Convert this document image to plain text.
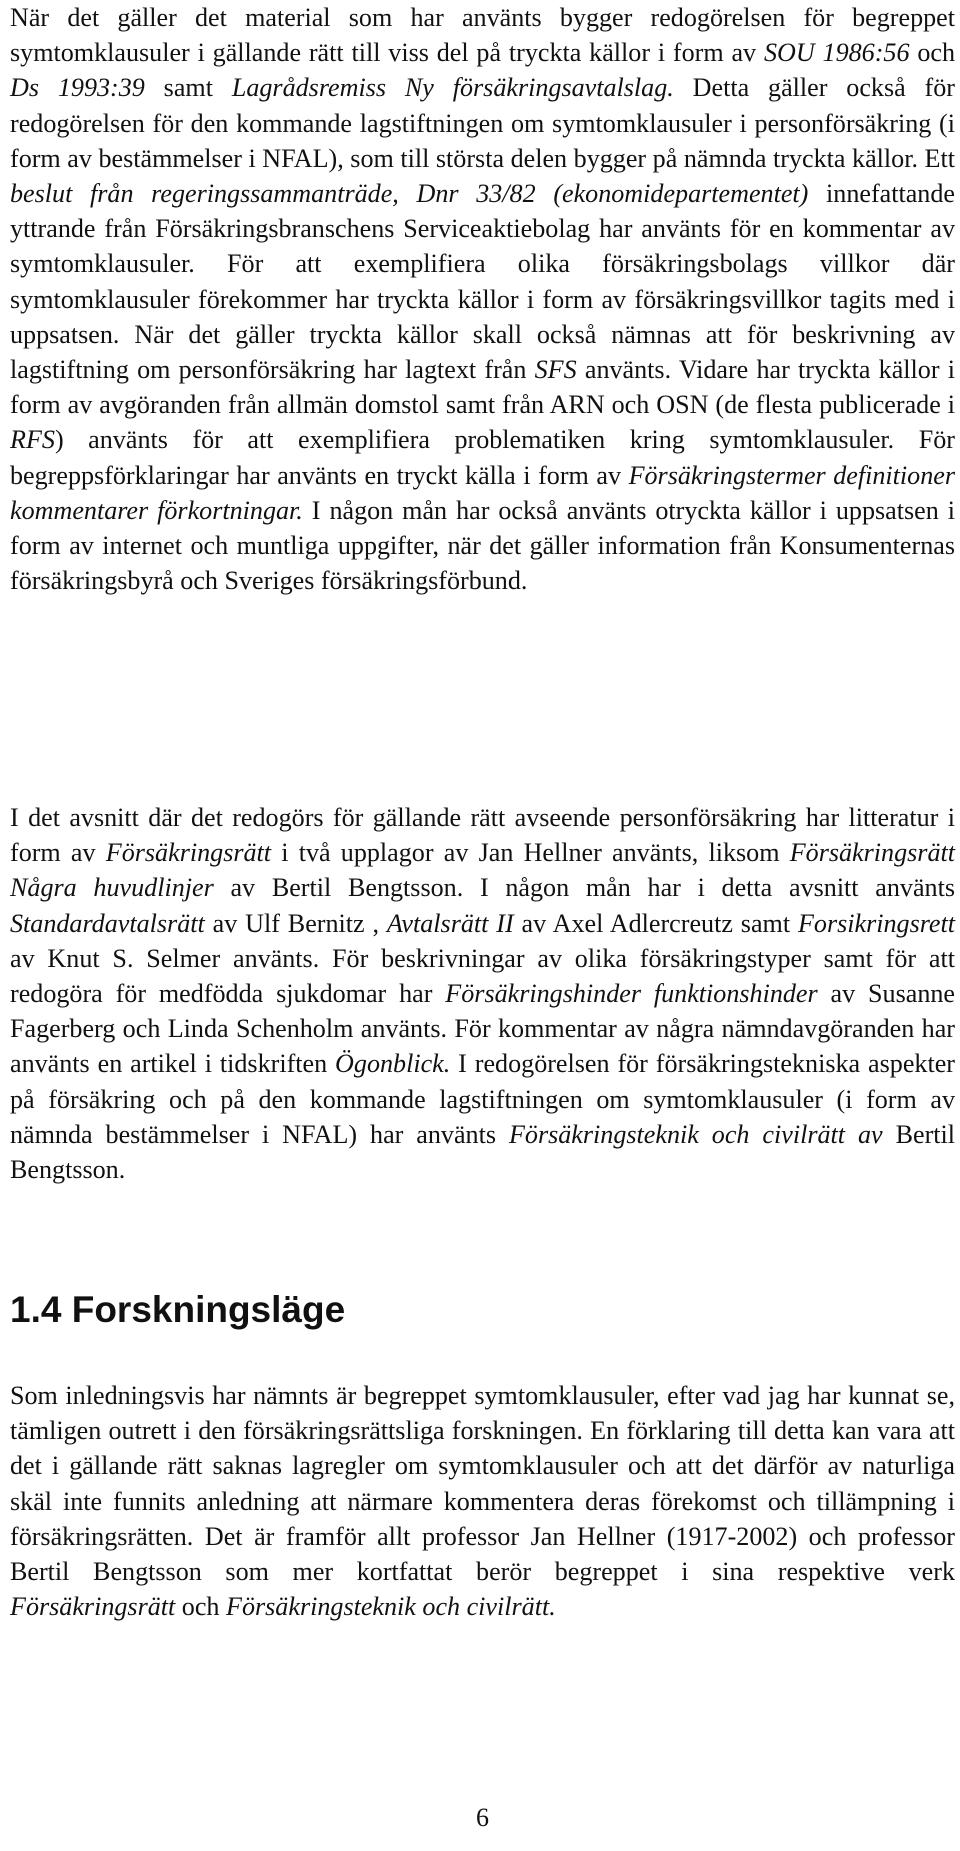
När det gäller det material som har använts bygger redogörelsen för begreppet symtomklausuler i gällande rätt till viss del på tryckta källor i form av SOU 1986:56 och Ds 1993:39 samt Lagrådsremiss Ny försäkringsavtalslag. Detta gäller också för redogörelsen för den kommande lagstiftningen om symtomklausuler i personförsäkring (i form av bestämmelser i NFAL), som till största delen bygger på nämnda tryckta källor. Ett beslut från regeringssammanträde, Dnr 33/82 (ekonomidepartementet) innefattande yttrande från Försäkringsbranschens Serviceaktiebolag har använts för en kommentar av symtomklausuler. För att exemplifiera olika försäkringsbolags villkor där symtomklausuler förekommer har tryckta källor i form av försäkringsvillkor tagits med i uppsatsen. När det gäller tryckta källor skall också nämnas att för beskrivning av lagstiftning om personförsäkring har lagtext från SFS använts. Vidare har tryckta källor i form av avgöranden från allmän domstol samt från ARN och OSN (de flesta publicerade i RFS) använts för att exemplifiera problematiken kring symtomklausuler. För begreppsförklaringar har använts en tryckt källa i form av Försäkringstermer definitioner kommentarer förkortningar. I någon mån har också använts otryckta källor i uppsatsen i form av internet och muntliga uppgifter, när det gäller information från Konsumenternas försäkringsbyrå och Sveriges försäkringsförbund.

I det avsnitt där det redogörs för gällande rätt avseende personförsäkring har litteratur i form av Försäkringsrätt i två upplagor av Jan Hellner använts, liksom Försäkringsrätt Några huvudlinjer av Bertil Bengtsson. I någon mån har i detta avsnitt använts Standardavtalsrätt av Ulf Bernitz , Avtalsrätt II av Axel Adlercreutz samt Forsikringsrett av Knut S. Selmer använts. För beskrivningar av olika försäkringstyper samt för att redogöra för medfödda sjukdomar har Försäkringshinder funktionshinder av Susanne Fagerberg och Linda Schenholm använts. För kommentar av några nämndavgöranden har använts en artikel i tidskriften Ögonblick. I redogörelsen för försäkringstekniska aspekter på försäkring och på den kommande lagstiftningen om symtomklausuler (i form av nämnda bestämmelser i NFAL) har använts Försäkringsteknik och civilrätt av Bertil Bengtsson.

1.4 Forskningsläge

Som inledningsvis har nämnts är begreppet symtomklausuler, efter vad jag har kunnat se, tämligen outrett i den försäkringsrättsliga forskningen. En förklaring till detta kan vara att det i gällande rätt saknas lagregler om symtomklausuler och att det därför av naturliga skäl inte funnits anledning att närmare kommentera deras förekomst och tillämpning i försäkringsrätten. Det är framför allt professor Jan Hellner (1917-2002) och professor Bertil Bengtsson som mer kortfattat berör begreppet i sina respektive verk Försäkringsrätt och Försäkringsteknik och civilrätt.

6
